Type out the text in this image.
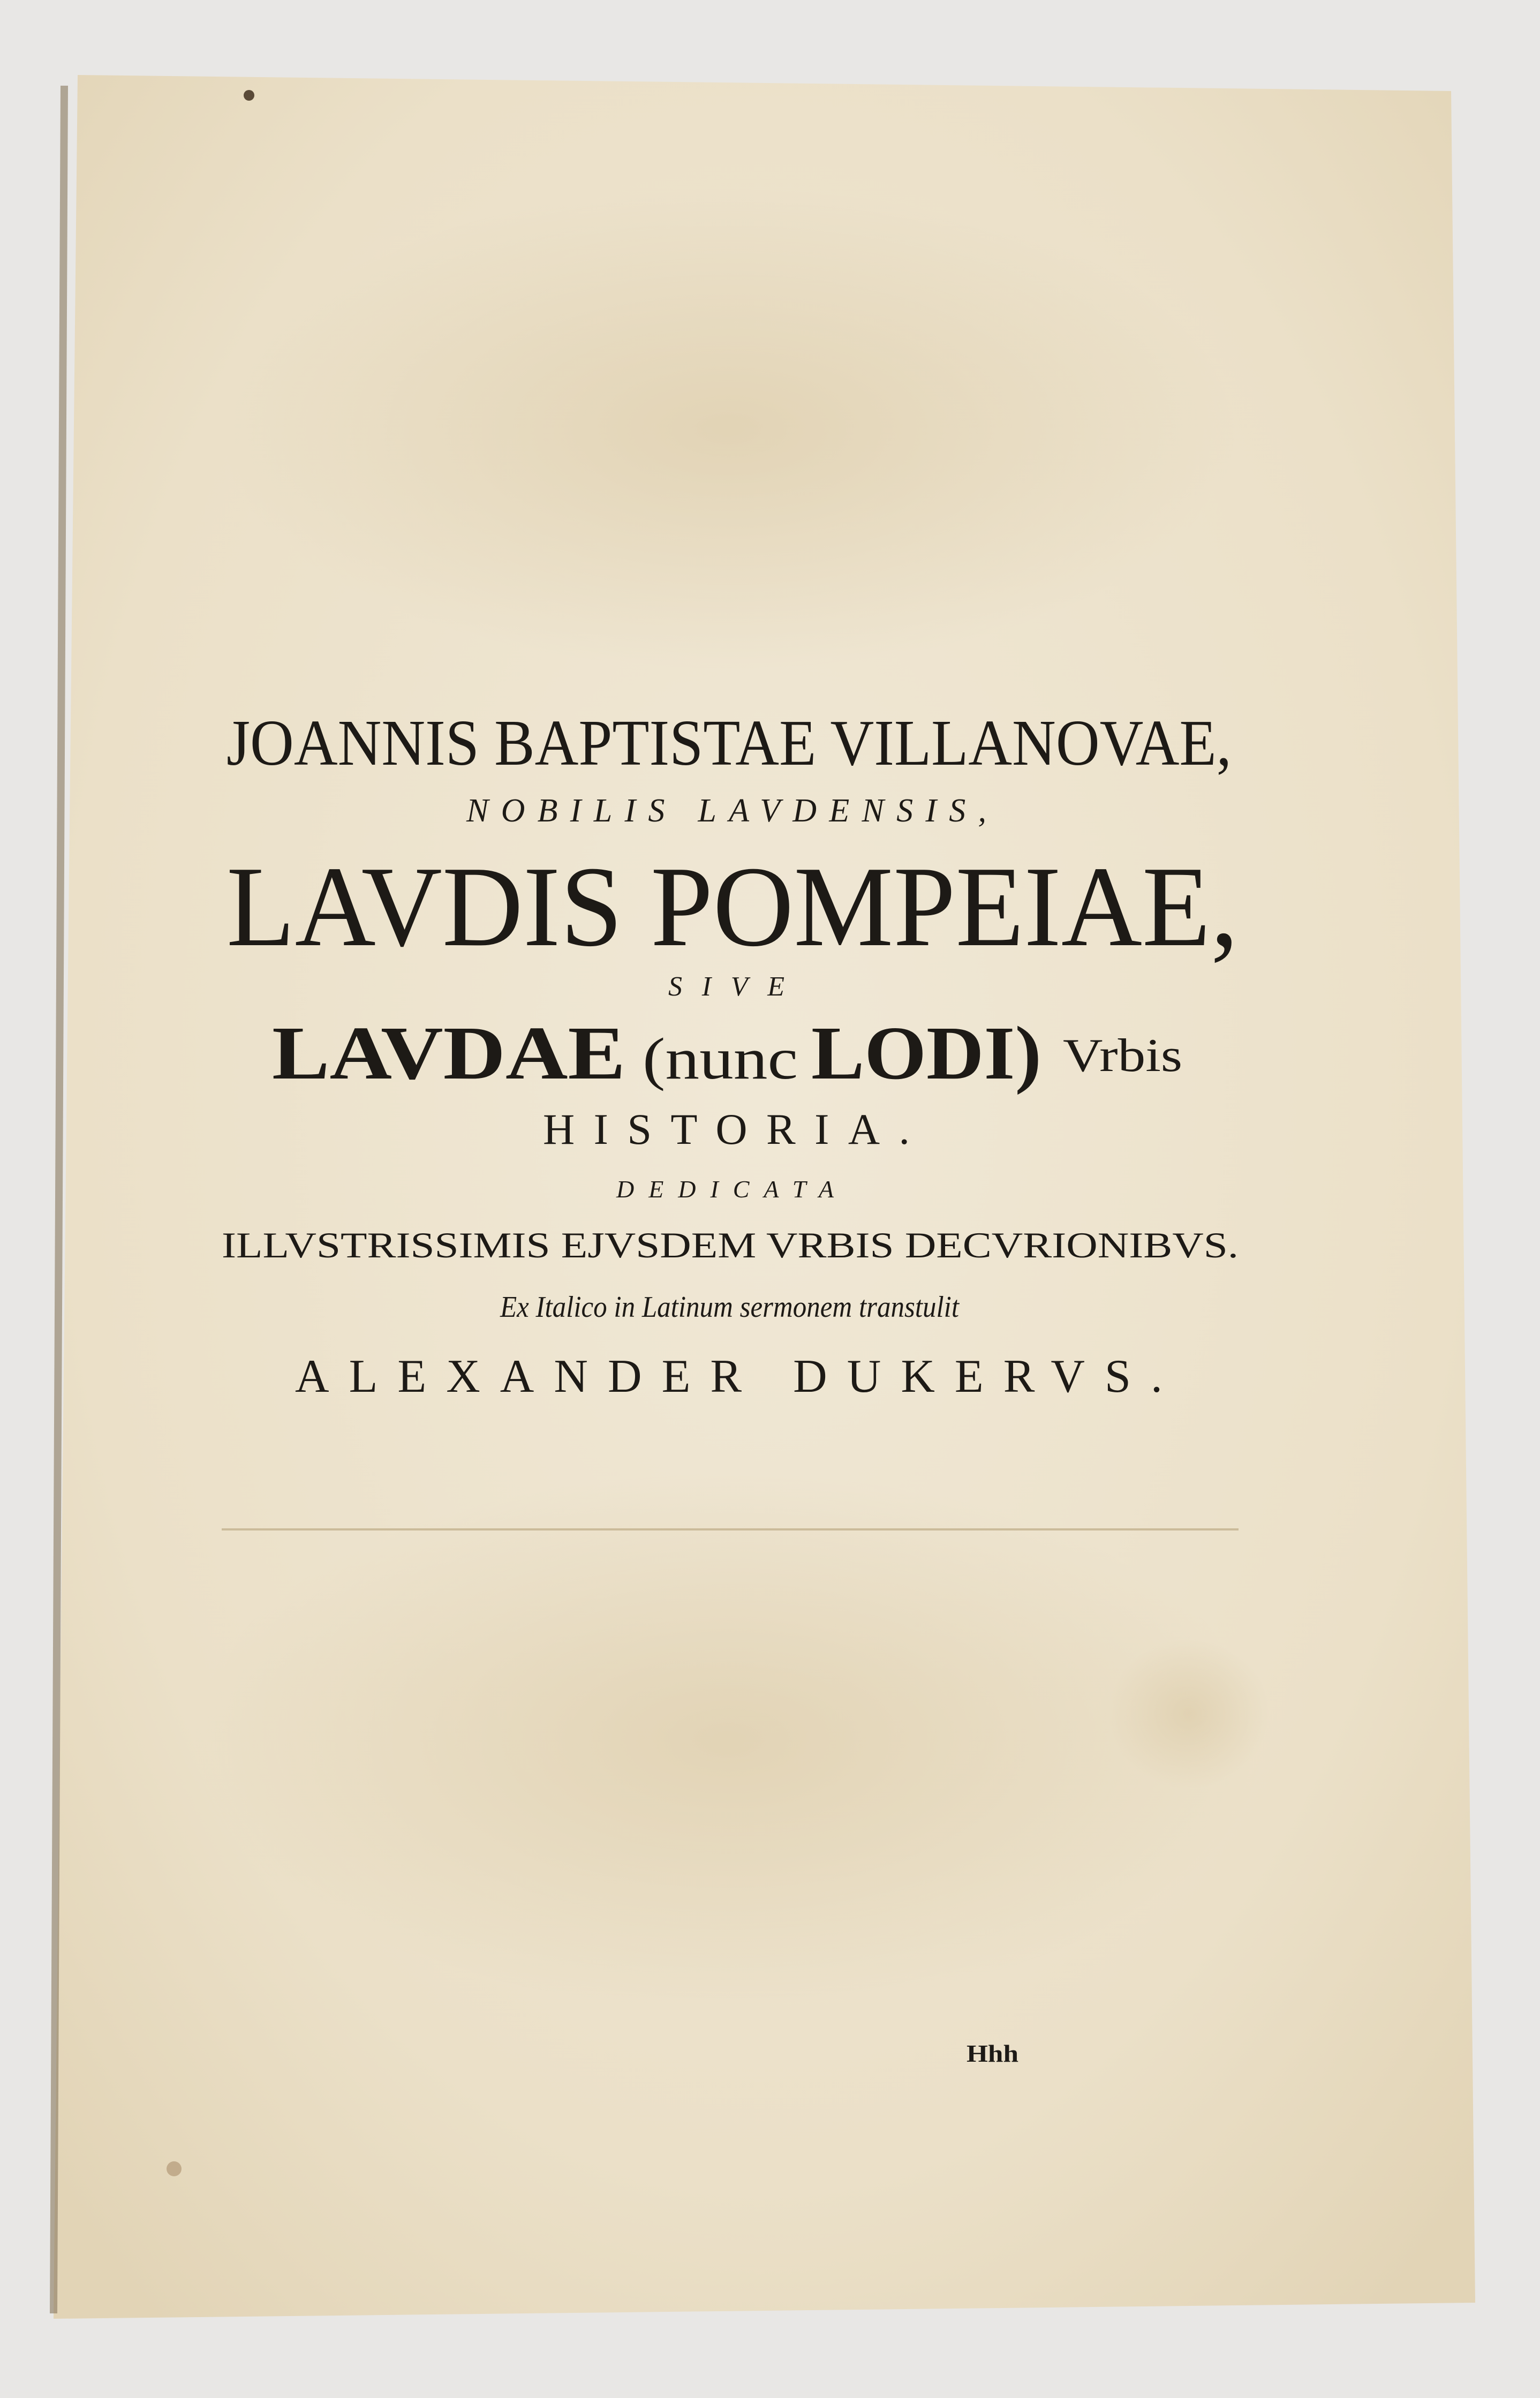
JOANNIS BAPTISTAE VILLANOVAE,
NOBILIS LAVDENSIS,
LAVDIS POMPEIAE,
SIVE
LAVDAE (nunc LODI) Vrbis
HISTORIA.
DEDICATA
ILLVSTRISSIMIS EJVSDEM VRBIS DECVRIONIBVS.
Ex Italico in Latinum sermonem transtulit
ALEXANDER DUKERVS.
Hhh
